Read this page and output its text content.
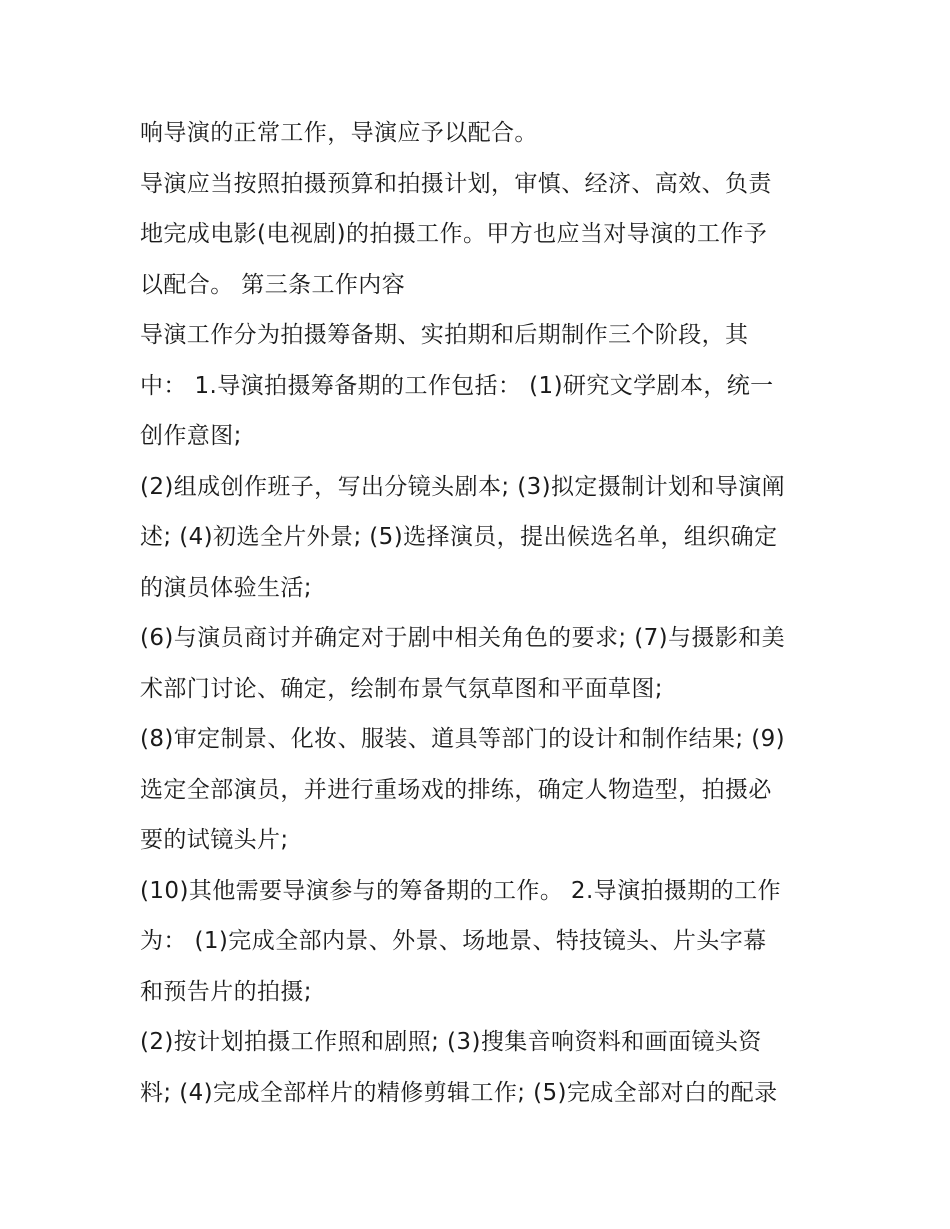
响导演的正常工作，导演应予以配合。
导演应当按照拍摄预算和拍摄计划，审慎、经济、高效、负责
地完成电影(电视剧)的拍摄工作。甲方也应当对导演的工作予
以配合。 第三条工作内容
导演工作分为拍摄筹备期、实拍期和后期制作三个阶段，其
中： 1.导演拍摄筹备期的工作包括： (1)研究文学剧本，统一
创作意图;
(2)组成创作班子，写出分镜头剧本; (3)拟定摄制计划和导演阐
述; (4)初选全片外景; (5)选择演员，提出候选名单，组织确定
的演员体验生活;
(6)与演员商讨并确定对于剧中相关角色的要求; (7)与摄影和美
术部门讨论、确定，绘制布景气氛草图和平面草图;
(8)审定制景、化妆、服装、道具等部门的设计和制作结果; (9)
选定全部演员，并进行重场戏的排练，确定人物造型，拍摄必
要的试镜头片;
(10)其他需要导演参与的筹备期的工作。 2.导演拍摄期的工作
为： (1)完成全部内景、外景、场地景、特技镜头、片头字幕
和预告片的拍摄;
(2)按计划拍摄工作照和剧照; (3)搜集音响资料和画面镜头资
料; (4)完成全部样片的精修剪辑工作; (5)完成全部对白的配录
